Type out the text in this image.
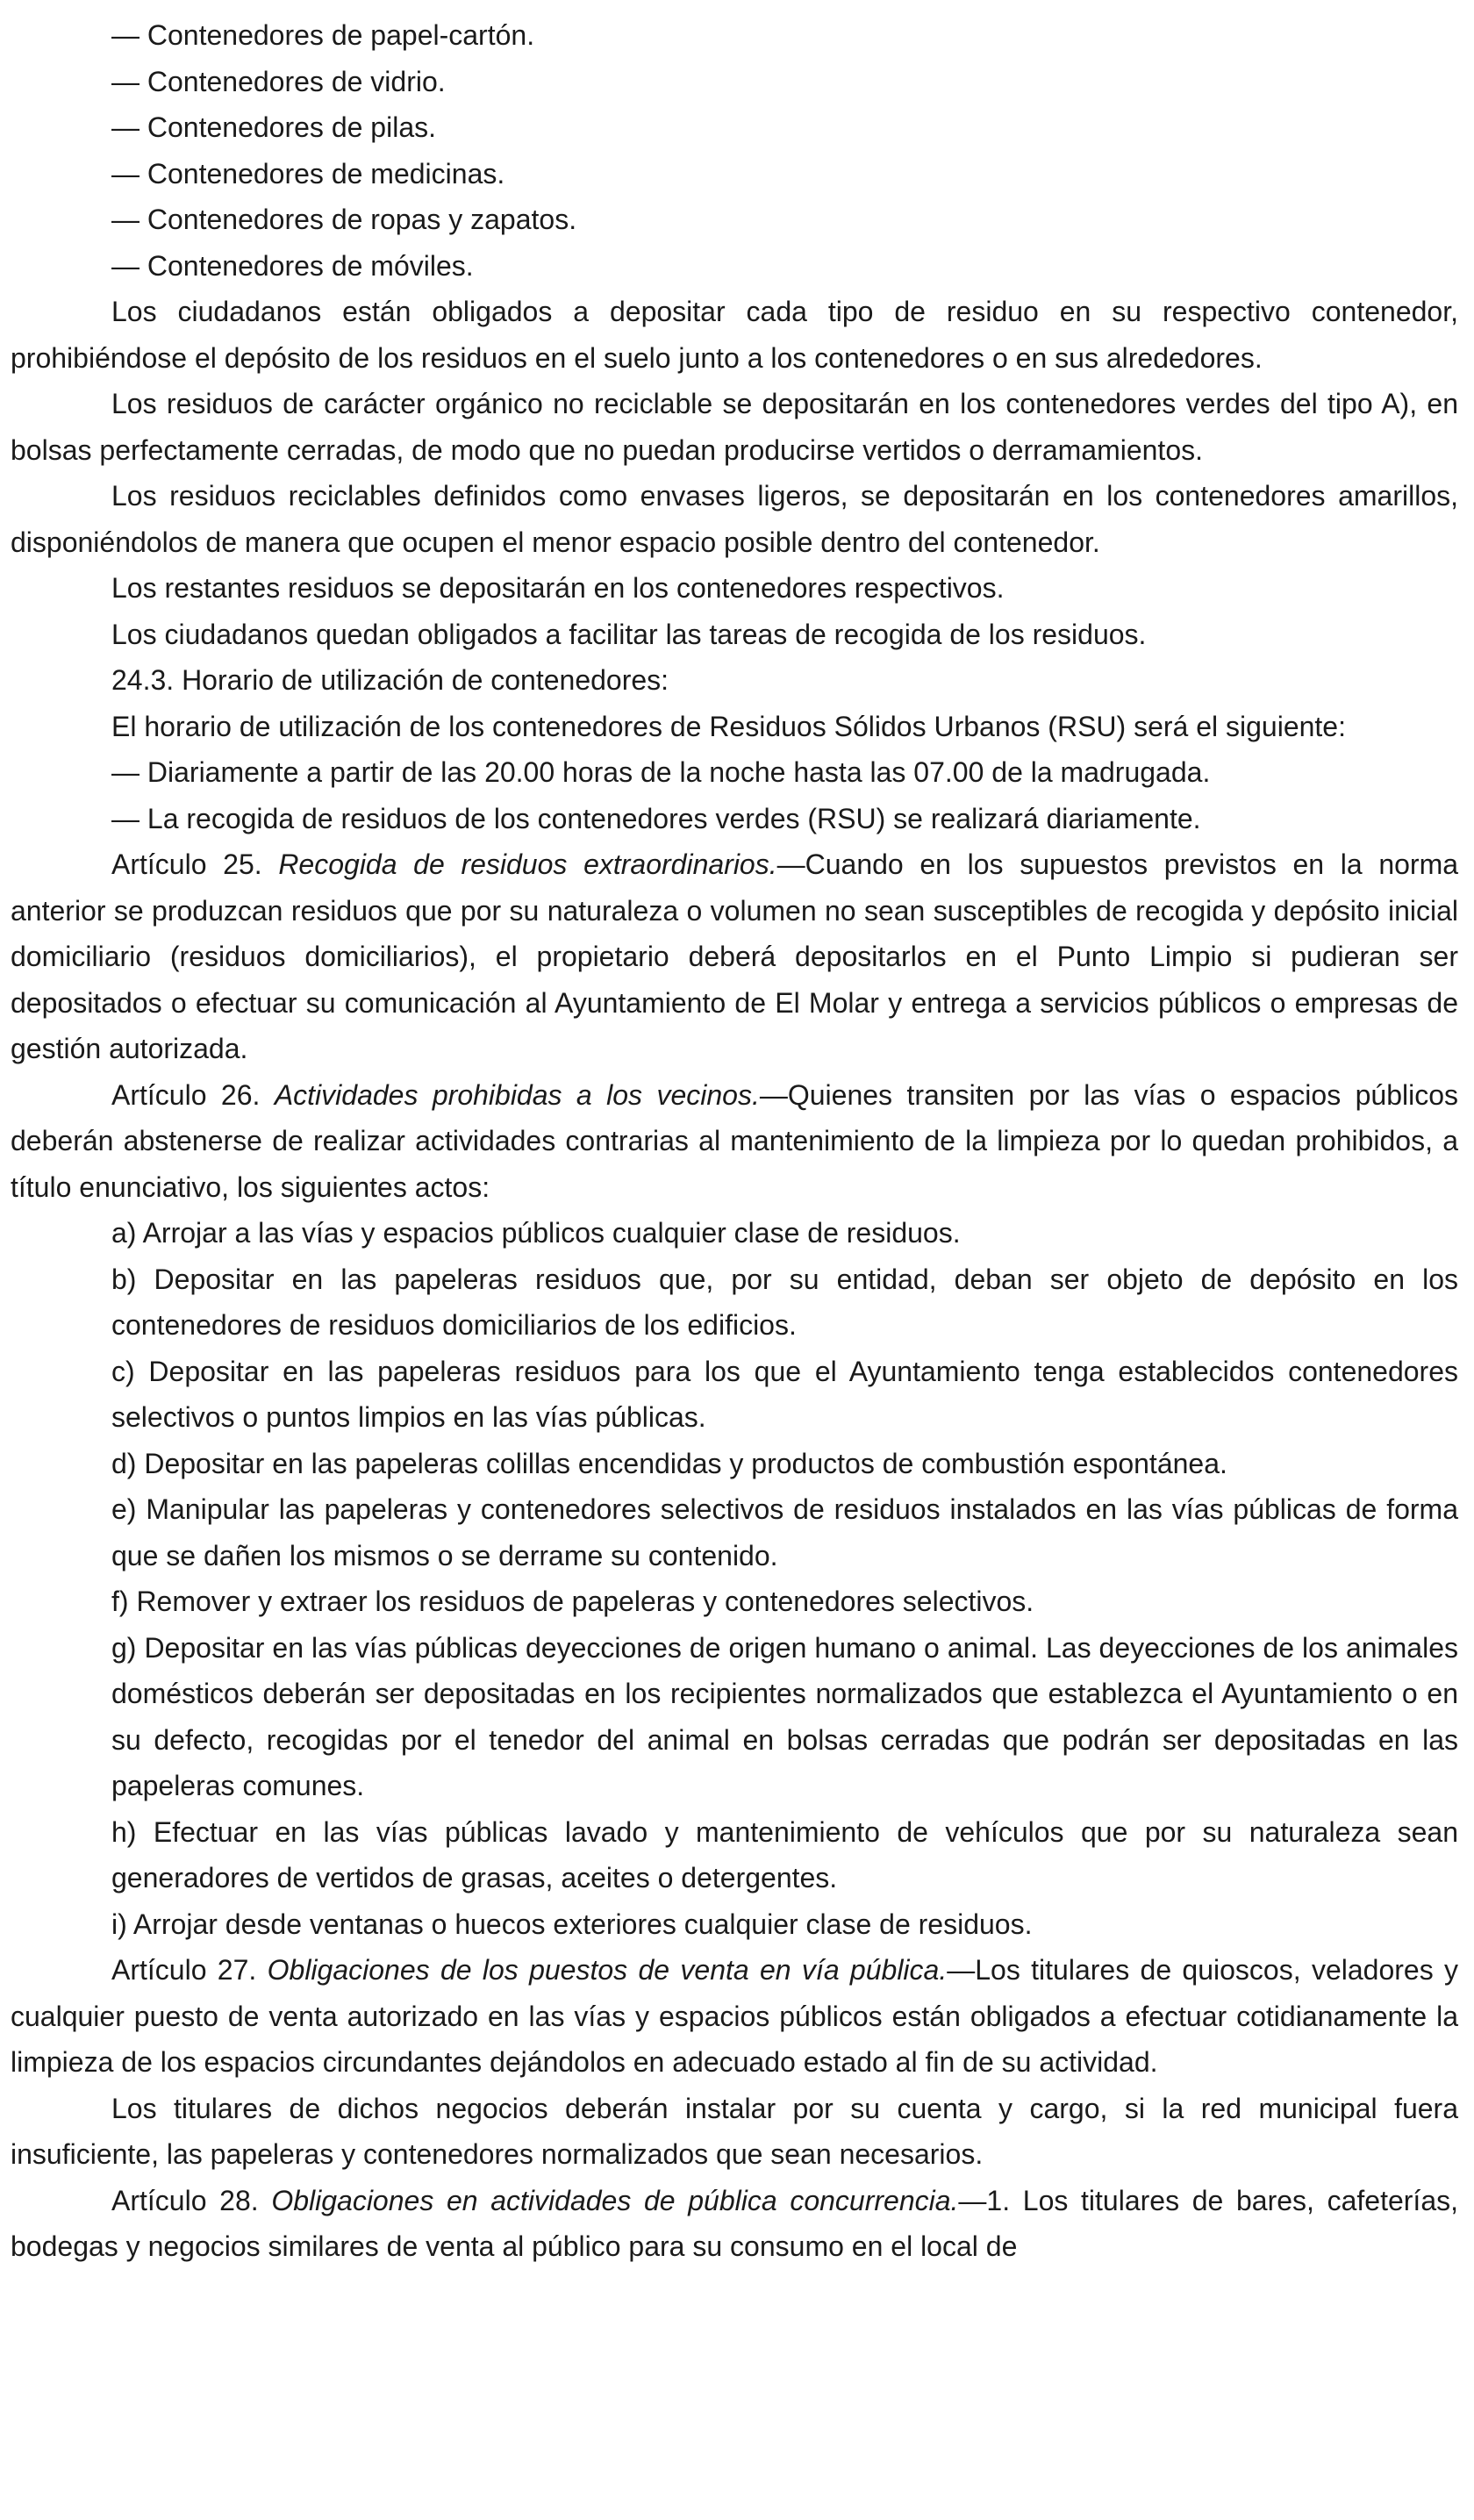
— Contenedores de papel-cartón.

— Contenedores de vidrio.

— Contenedores de pilas.

— Contenedores de medicinas.

— Contenedores de ropas y zapatos.

— Contenedores de móviles.

Los ciudadanos están obligados a depositar cada tipo de residuo en su respectivo contenedor, prohibiéndose el depósito de los residuos en el suelo junto a los contenedores o en sus alrededores.

Los residuos de carácter orgánico no reciclable se depositarán en los contenedores verdes del tipo A), en bolsas perfectamente cerradas, de modo que no puedan producirse vertidos o derramamientos.

Los residuos reciclables definidos como envases ligeros, se depositarán en los contenedores amarillos, disponiéndolos de manera que ocupen el menor espacio posible dentro del contenedor.

Los restantes residuos se depositarán en los contenedores respectivos.

Los ciudadanos quedan obligados a facilitar las tareas de recogida de los residuos.

24.3. Horario de utilización de contenedores:

El horario de utilización de los contenedores de Residuos Sólidos Urbanos (RSU) será el siguiente:

— Diariamente a partir de las 20.00 horas de la noche hasta las 07.00 de la madrugada.

— La recogida de residuos de los contenedores verdes (RSU) se realizará diariamente.

Artículo 25. Recogida de residuos extraordinarios.—Cuando en los supuestos previstos en la norma anterior se produzcan residuos que por su naturaleza o volumen no sean susceptibles de recogida y depósito inicial domiciliario (residuos domiciliarios), el propietario deberá depositarlos en el Punto Limpio si pudieran ser depositados o efectuar su comunicación al Ayuntamiento de El Molar y entrega a servicios públicos o empresas de gestión autorizada.

Artículo 26. Actividades prohibidas a los vecinos.—Quienes transiten por las vías o espacios públicos deberán abstenerse de realizar actividades contrarias al mantenimiento de la limpieza por lo quedan prohibidos, a título enunciativo, los siguientes actos:

a) Arrojar a las vías y espacios públicos cualquier clase de residuos.

b) Depositar en las papeleras residuos que, por su entidad, deban ser objeto de depósito en los contenedores de residuos domiciliarios de los edificios.

c) Depositar en las papeleras residuos para los que el Ayuntamiento tenga establecidos contenedores selectivos o puntos limpios en las vías públicas.

d) Depositar en las papeleras colillas encendidas y productos de combustión espontánea.

e) Manipular las papeleras y contenedores selectivos de residuos instalados en las vías públicas de forma que se dañen los mismos o se derrame su contenido.

f) Remover y extraer los residuos de papeleras y contenedores selectivos.

g) Depositar en las vías públicas deyecciones de origen humano o animal. Las deyecciones de los animales domésticos deberán ser depositadas en los recipientes normalizados que establezca el Ayuntamiento o en su defecto, recogidas por el tenedor del animal en bolsas cerradas que podrán ser depositadas en las papeleras comunes.

h) Efectuar en las vías públicas lavado y mantenimiento de vehículos que por su naturaleza sean generadores de vertidos de grasas, aceites o detergentes.

i) Arrojar desde ventanas o huecos exteriores cualquier clase de residuos.

Artículo 27. Obligaciones de los puestos de venta en vía pública.—Los titulares de quioscos, veladores y cualquier puesto de venta autorizado en las vías y espacios públicos están obligados a efectuar cotidianamente la limpieza de los espacios circundantes dejándolos en adecuado estado al fin de su actividad.

Los titulares de dichos negocios deberán instalar por su cuenta y cargo, si la red municipal fuera insuficiente, las papeleras y contenedores normalizados que sean necesarios.

Artículo 28. Obligaciones en actividades de pública concurrencia.—1. Los titulares de bares, cafeterías, bodegas y negocios similares de venta al público para su consumo en el local de
